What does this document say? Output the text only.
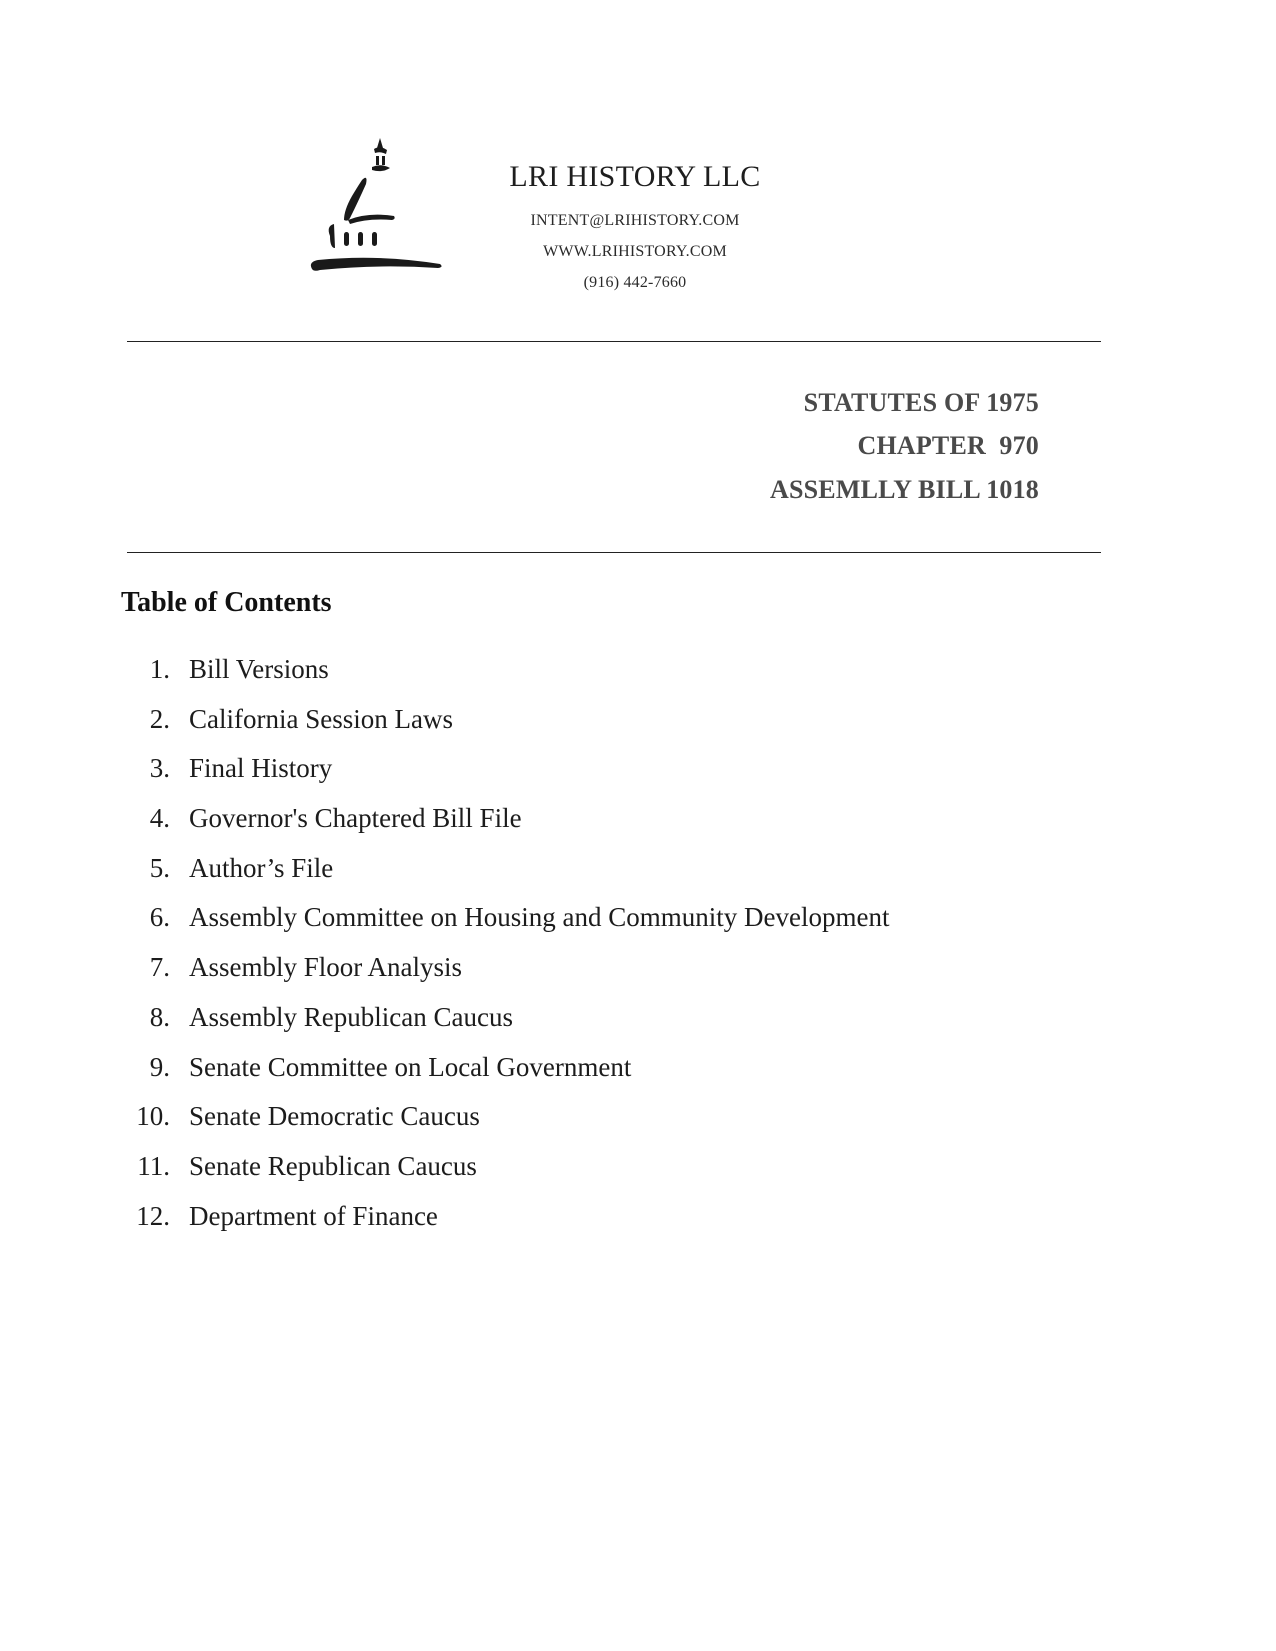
LRI HISTORY LLC
INTENT@LRIHISTORY.COM
WWW.LRIHISTORY.COM
(916) 442-7660
STATUTES OF 1975
CHAPTER  970
ASSEMLLY BILL 1018
Table of Contents
1. Bill Versions
2. California Session Laws
3. Final History
4. Governor's Chaptered Bill File
5. Author’s File
6. Assembly Committee on Housing and Community Development
7. Assembly Floor Analysis
8. Assembly Republican Caucus
9. Senate Committee on Local Government
10. Senate Democratic Caucus
11. Senate Republican Caucus
12. Department of Finance
